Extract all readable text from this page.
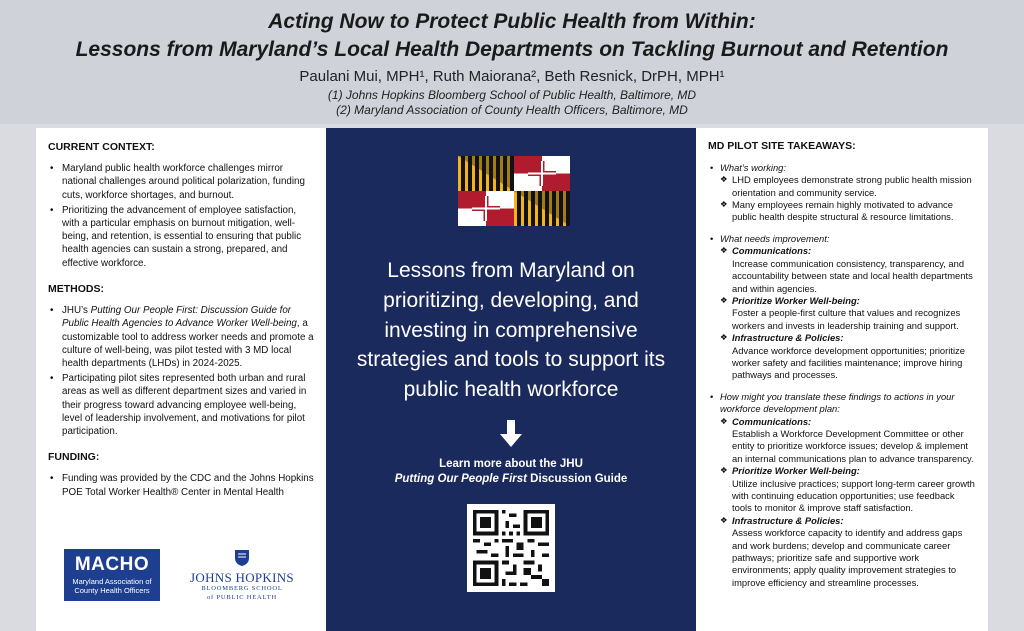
Acting Now to Protect Public Health from Within:
Lessons from Maryland’s Local Health Departments on Tackling Burnout and Retention
Paulani Mui, MPH¹, Ruth Maiorana², Beth Resnick, DrPH, MPH¹
(1) Johns Hopkins Bloomberg School of Public Health, Baltimore, MD
(2) Maryland Association of County Health Officers, Baltimore, MD
CURRENT CONTEXT:
• Maryland public health workforce challenges mirror national challenges around political polarization, funding cuts, workforce shortages, and burnout.
• Prioritizing the advancement of employee satisfaction, with a particular emphasis on burnout mitigation, well-being, and retention, is essential to ensuring that public health agencies can sustain a strong, prepared, and effective workforce.
METHODS:
• JHU’s Putting Our People First: Discussion Guide for Public Health Agencies to Advance Worker Well-being, a customizable tool to address worker needs and promote a culture of well-being, was pilot tested with 3 MD local health departments (LHDs) in 2024-2025.
• Participating pilot sites represented both urban and rural areas as well as different department sizes and varied in their progress toward advancing employee well-being, level of leadership involvement, and motivations for pilot participation.
FUNDING:
• Funding was provided by the CDC and the Johns Hopkins POE Total Worker Health® Center in Mental Health
MACHO
Maryland Association of
County Health Officers
JOHNS HOPKINS
BLOOMBERG SCHOOL
of PUBLIC HEALTH
Lessons from Maryland on prioritizing, developing, and investing in comprehensive strategies and tools to support its public health workforce
Learn more about the JHU
Putting Our People First Discussion Guide
MD PILOT SITE TAKEAWAYS:
• What’s working:
❖ LHD employees demonstrate strong public health mission orientation and community service.
❖ Many employees remain highly motivated to advance public health despite structural & resource limitations.
• What needs improvement:
❖ Communications:
Increase communication consistency, transparency, and accountability between state and local health departments and within agencies.
❖ Prioritize Worker Well-being:
Foster a people-first culture that values and recognizes workers and invests in leadership training and support.
❖ Infrastructure & Policies:
Advance workforce development opportunities; prioritize worker safety and facilities maintenance; improve hiring pathways and processes.
• How might you translate these findings to actions in your workforce development plan:
❖ Communications:
Establish a Workforce Development Committee or other entity to prioritize workforce issues; develop & implement an internal communications plan to advance transparency.
❖ Prioritize Worker Well-being:
Utilize inclusive practices; support long-term career growth with continuing education opportunities; use feedback tools to monitor & improve staff satisfaction.
❖ Infrastructure & Policies:
Assess workforce capacity to identify and address gaps and work burdens; develop and communicate career pathways; prioritize safe and supportive work environments; apply quality improvement strategies to improve efficiency and streamline processes.
